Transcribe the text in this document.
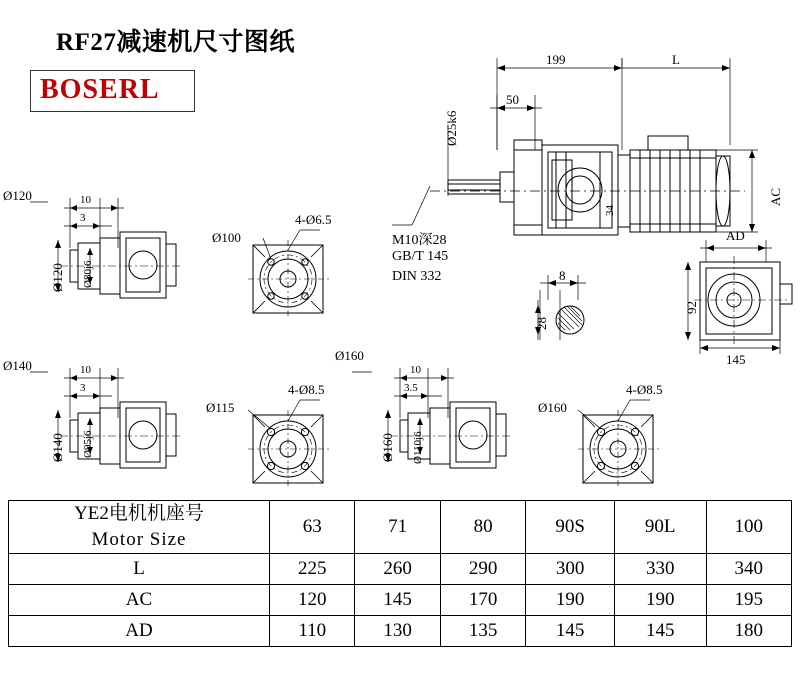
RF27减速机尺寸图纸
BOSERL
199	L
50
Ø25k6
34
AC
AD
M10深28
GB/T 145
DIN 332	8
28
92
145
Ø120	10
3
Ø120 Ø80j6
Ø100
4-Ø6.5
Ø140	10
3
Ø140 Ø95j6
Ø115
4-Ø8.5
Ø160
10
3.5
Ø160 Ø110j6
Ø160
4-Ø8.5
YE2电机机座号
Motor Size	63	71	80	90S	90L	100
L	225	260	290	300	330	340
AC	120	145	170	190	190	195
AD	110	130	135	145	145	180
